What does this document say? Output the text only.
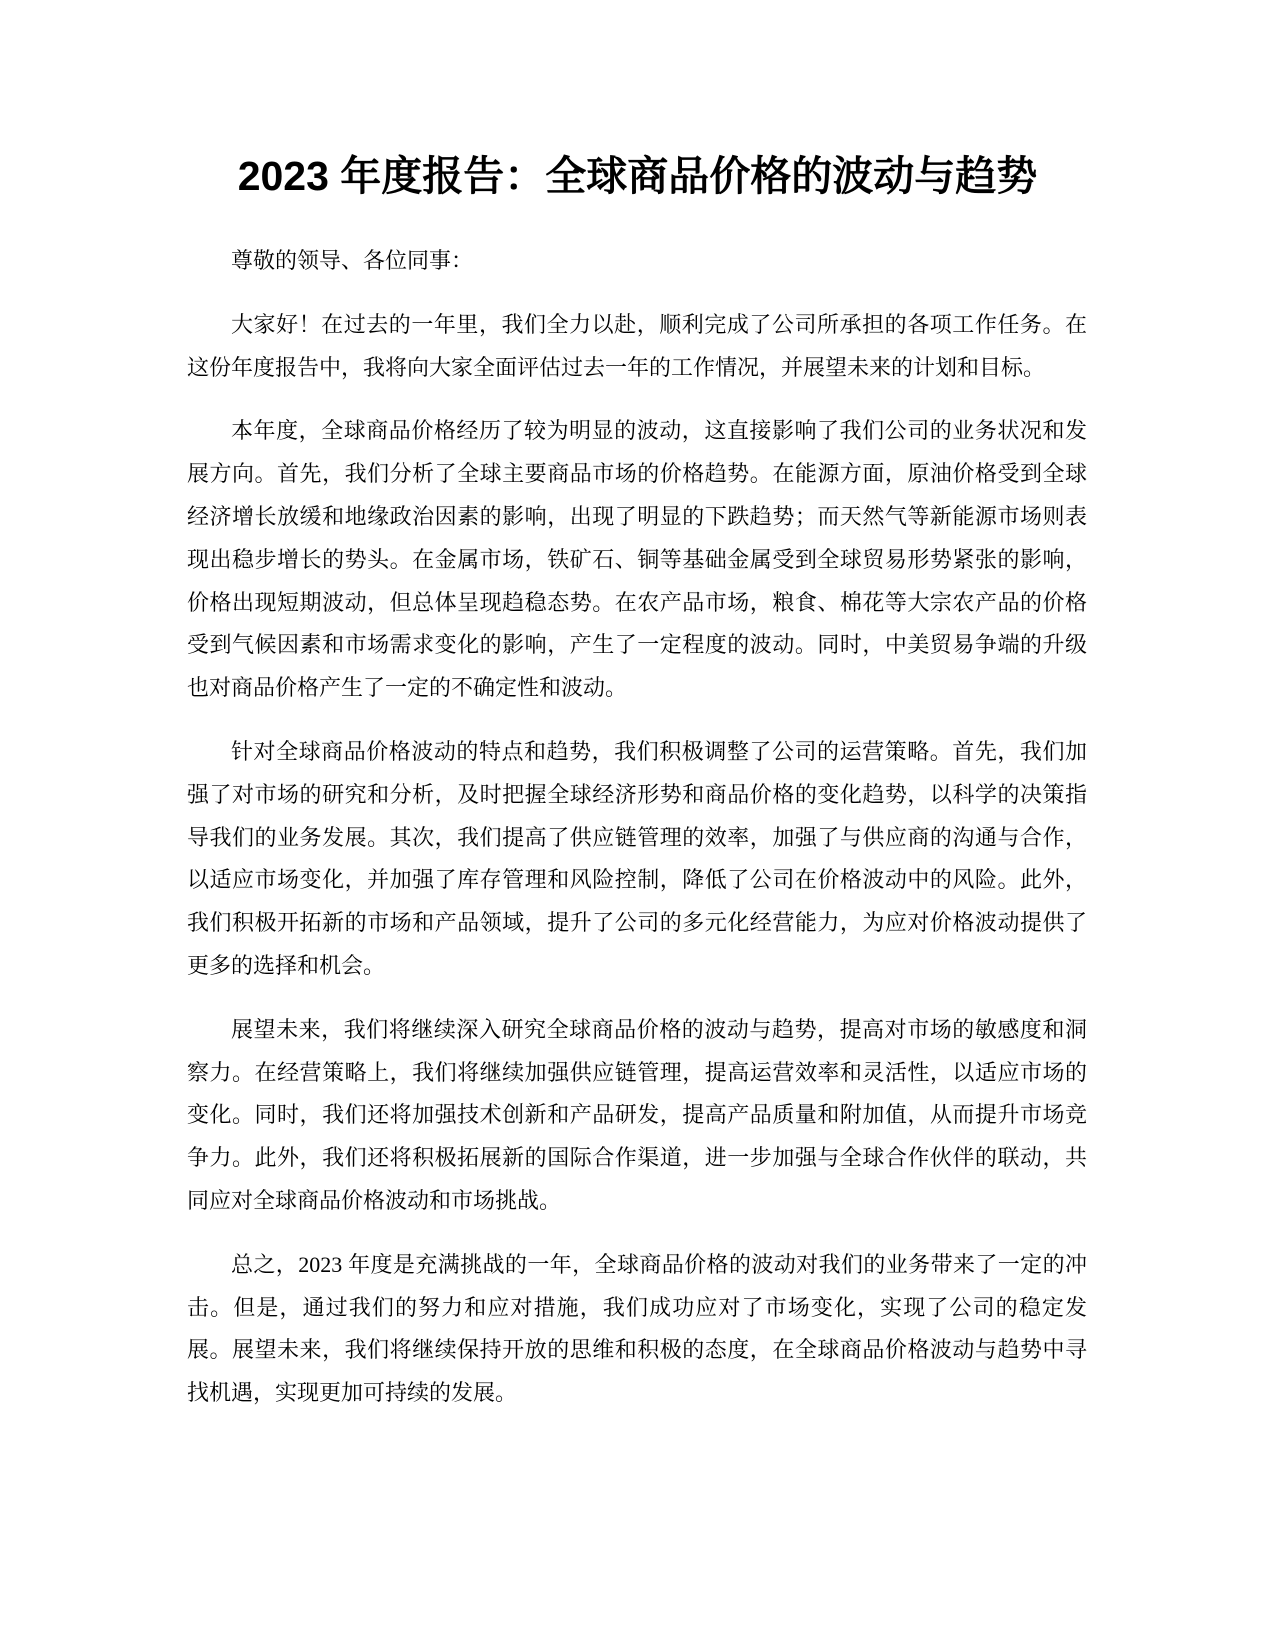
2023 年度报告：全球商品价格的波动与趋势

尊敬的领导、各位同事：

大家好！在过去的一年里，我们全力以赴，顺利完成了公司所承担的各项工作任务。在这份年度报告中，我将向大家全面评估过去一年的工作情况，并展望未来的计划和目标。

本年度，全球商品价格经历了较为明显的波动，这直接影响了我们公司的业务状况和发展方向。首先，我们分析了全球主要商品市场的价格趋势。在能源方面，原油价格受到全球经济增长放缓和地缘政治因素的影响，出现了明显的下跌趋势；而天然气等新能源市场则表现出稳步增长的势头。在金属市场，铁矿石、铜等基础金属受到全球贸易形势紧张的影响，价格出现短期波动，但总体呈现趋稳态势。在农产品市场，粮食、棉花等大宗农产品的价格受到气候因素和市场需求变化的影响，产生了一定程度的波动。同时，中美贸易争端的升级也对商品价格产生了一定的不确定性和波动。

针对全球商品价格波动的特点和趋势，我们积极调整了公司的运营策略。首先，我们加强了对市场的研究和分析，及时把握全球经济形势和商品价格的变化趋势，以科学的决策指导我们的业务发展。其次，我们提高了供应链管理的效率，加强了与供应商的沟通与合作，以适应市场变化，并加强了库存管理和风险控制，降低了公司在价格波动中的风险。此外，我们积极开拓新的市场和产品领域，提升了公司的多元化经营能力，为应对价格波动提供了更多的选择和机会。

展望未来，我们将继续深入研究全球商品价格的波动与趋势，提高对市场的敏感度和洞察力。在经营策略上，我们将继续加强供应链管理，提高运营效率和灵活性，以适应市场的变化。同时，我们还将加强技术创新和产品研发，提高产品质量和附加值，从而提升市场竞争力。此外，我们还将积极拓展新的国际合作渠道，进一步加强与全球合作伙伴的联动，共同应对全球商品价格波动和市场挑战。

总之，2023 年度是充满挑战的一年，全球商品价格的波动对我们的业务带来了一定的冲击。但是，通过我们的努力和应对措施，我们成功应对了市场变化，实现了公司的稳定发展。展望未来，我们将继续保持开放的思维和积极的态度，在全球商品价格波动与趋势中寻找机遇，实现更加可持续的发展。
